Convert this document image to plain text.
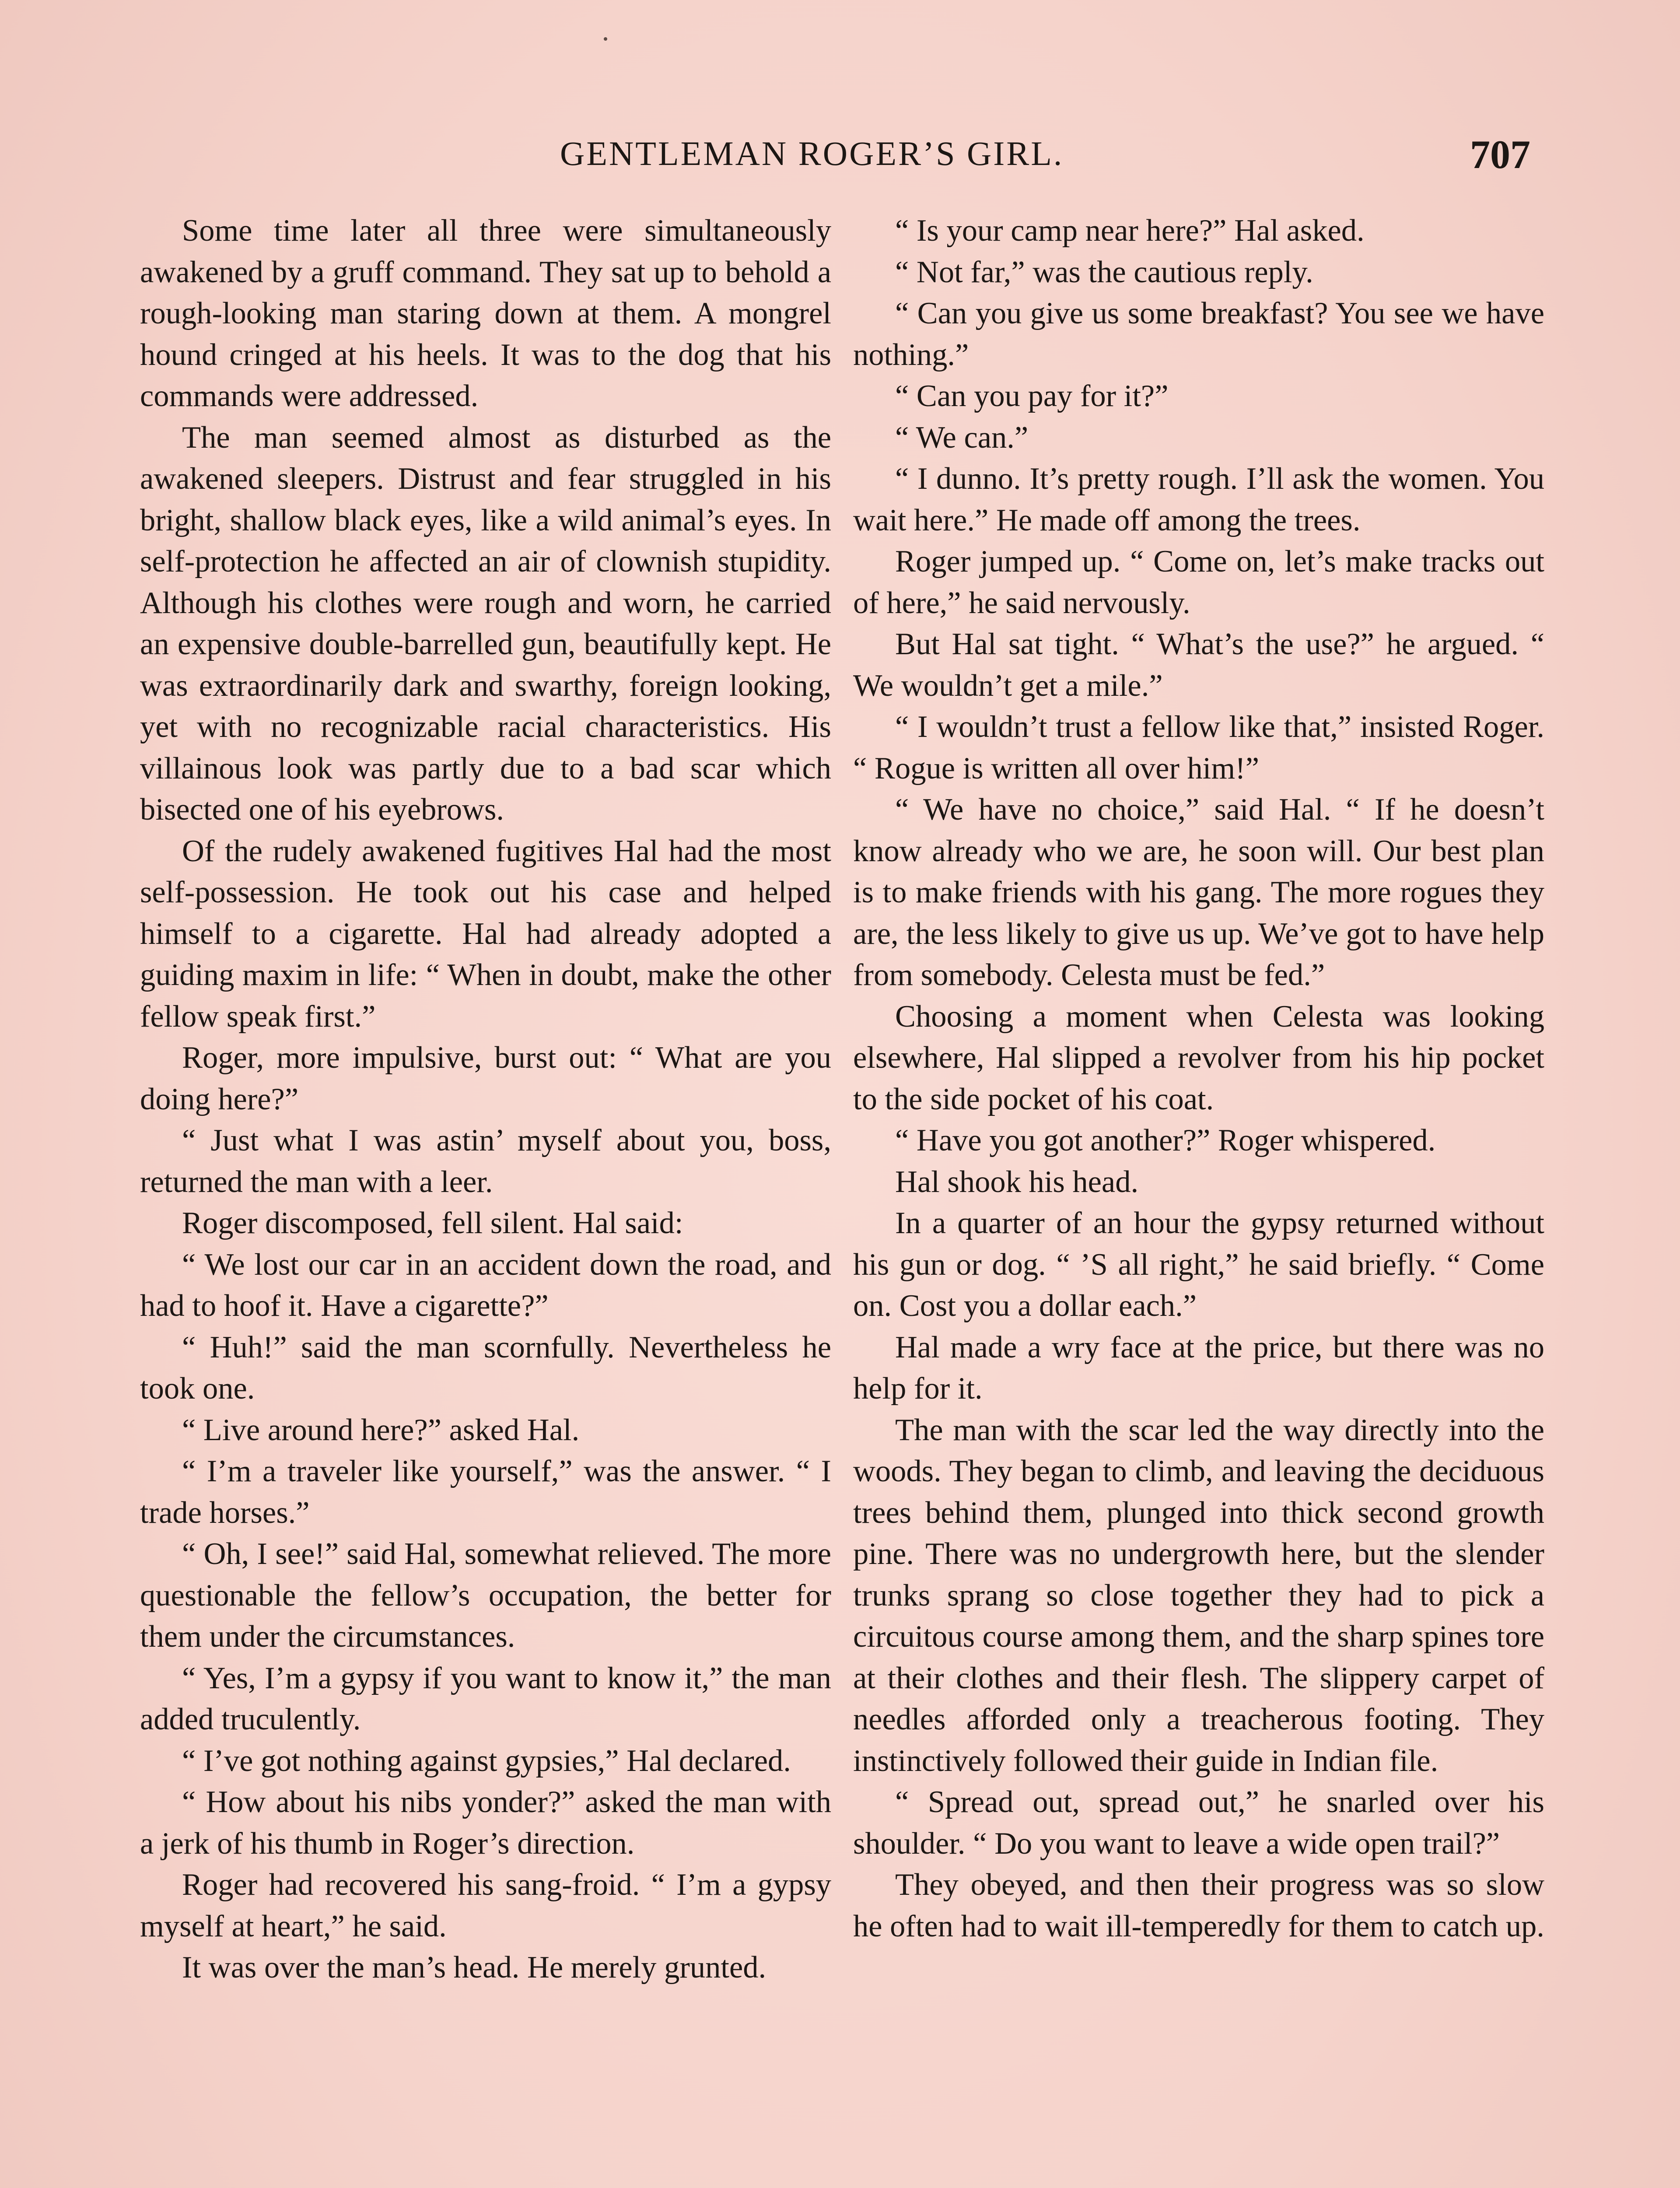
GENTLEMAN ROGER’S GIRL.	707

Some time later all three were simultaneously awakened by a gruff command. They sat up to behold a rough-looking man staring down at them. A mongrel hound cringed at his heels. It was to the dog that his commands were addressed.

The man seemed almost as disturbed as the awakened sleepers. Distrust and fear struggled in his bright, shallow black eyes, like a wild animal’s eyes. In self-protection he affected an air of clownish stupidity. Although his clothes were rough and worn, he carried an expensive double-barrelled gun, beautifully kept. He was extraordinarily dark and swarthy, foreign looking, yet with no recognizable racial characteristics. His villainous look was partly due to a bad scar which bisected one of his eyebrows.

Of the rudely awakened fugitives Hal had the most self-possession. He took out his case and helped himself to a cigarette. Hal had already adopted a guiding maxim in life: “ When in doubt, make the other fellow speak first.”

Roger, more impulsive, burst out: “ What are you doing here?”

“ Just what I was astin’ myself about you, boss, returned the man with a leer.

Roger discomposed, fell silent. Hal said:

“ We lost our car in an accident down the road, and had to hoof it. Have a cigarette?”

“ Huh!” said the man scornfully. Nevertheless he took one.

“ Live around here?” asked Hal.

“ I’m a traveler like yourself,” was the answer. “ I trade horses.”

“ Oh, I see!” said Hal, somewhat relieved. The more questionable the fellow’s occupation, the better for them under the circumstances.

“ Yes, I’m a gypsy if you want to know it,” the man added truculently.

“ I’ve got nothing against gypsies,” Hal declared.

“ How about his nibs yonder?” asked the man with a jerk of his thumb in Roger’s direction.

Roger had recovered his sang-froid. “ I’m a gypsy myself at heart,” he said.

It was over the man’s head. He merely grunted.

“ Is your camp near here?” Hal asked.

“ Not far,” was the cautious reply.

“ Can you give us some breakfast? You see we have nothing.”

“ Can you pay for it?”

“ We can.”

“ I dunno. It’s pretty rough. I’ll ask the women. You wait here.” He made off among the trees.

Roger jumped up. “ Come on, let’s make tracks out of here,” he said nervously.

But Hal sat tight. “ What’s the use?” he argued. “ We wouldn’t get a mile.”

“ I wouldn’t trust a fellow like that,” insisted Roger. “ Rogue is written all over him!”

“ We have no choice,” said Hal. “ If he doesn’t know already who we are, he soon will. Our best plan is to make friends with his gang. The more rogues they are, the less likely to give us up. We’ve got to have help from somebody. Celesta must be fed.”

Choosing a moment when Celesta was looking elsewhere, Hal slipped a revolver from his hip pocket to the side pocket of his coat.

“ Have you got another?” Roger whispered.

Hal shook his head.

In a quarter of an hour the gypsy returned without his gun or dog. “ ’S all right,” he said briefly. “ Come on. Cost you a dollar each.”

Hal made a wry face at the price, but there was no help for it.

The man with the scar led the way directly into the woods. They began to climb, and leaving the deciduous trees behind them, plunged into thick second growth pine. There was no undergrowth here, but the slender trunks sprang so close together they had to pick a circuitous course among them, and the sharp spines tore at their clothes and their flesh. The slippery carpet of needles afforded only a treacherous footing. They instinctively followed their guide in Indian file.

“ Spread out, spread out,” he snarled over his shoulder. “ Do you want to leave a wide open trail?”

They obeyed, and then their progress was so slow he often had to wait ill-temperedly for them to catch up.
